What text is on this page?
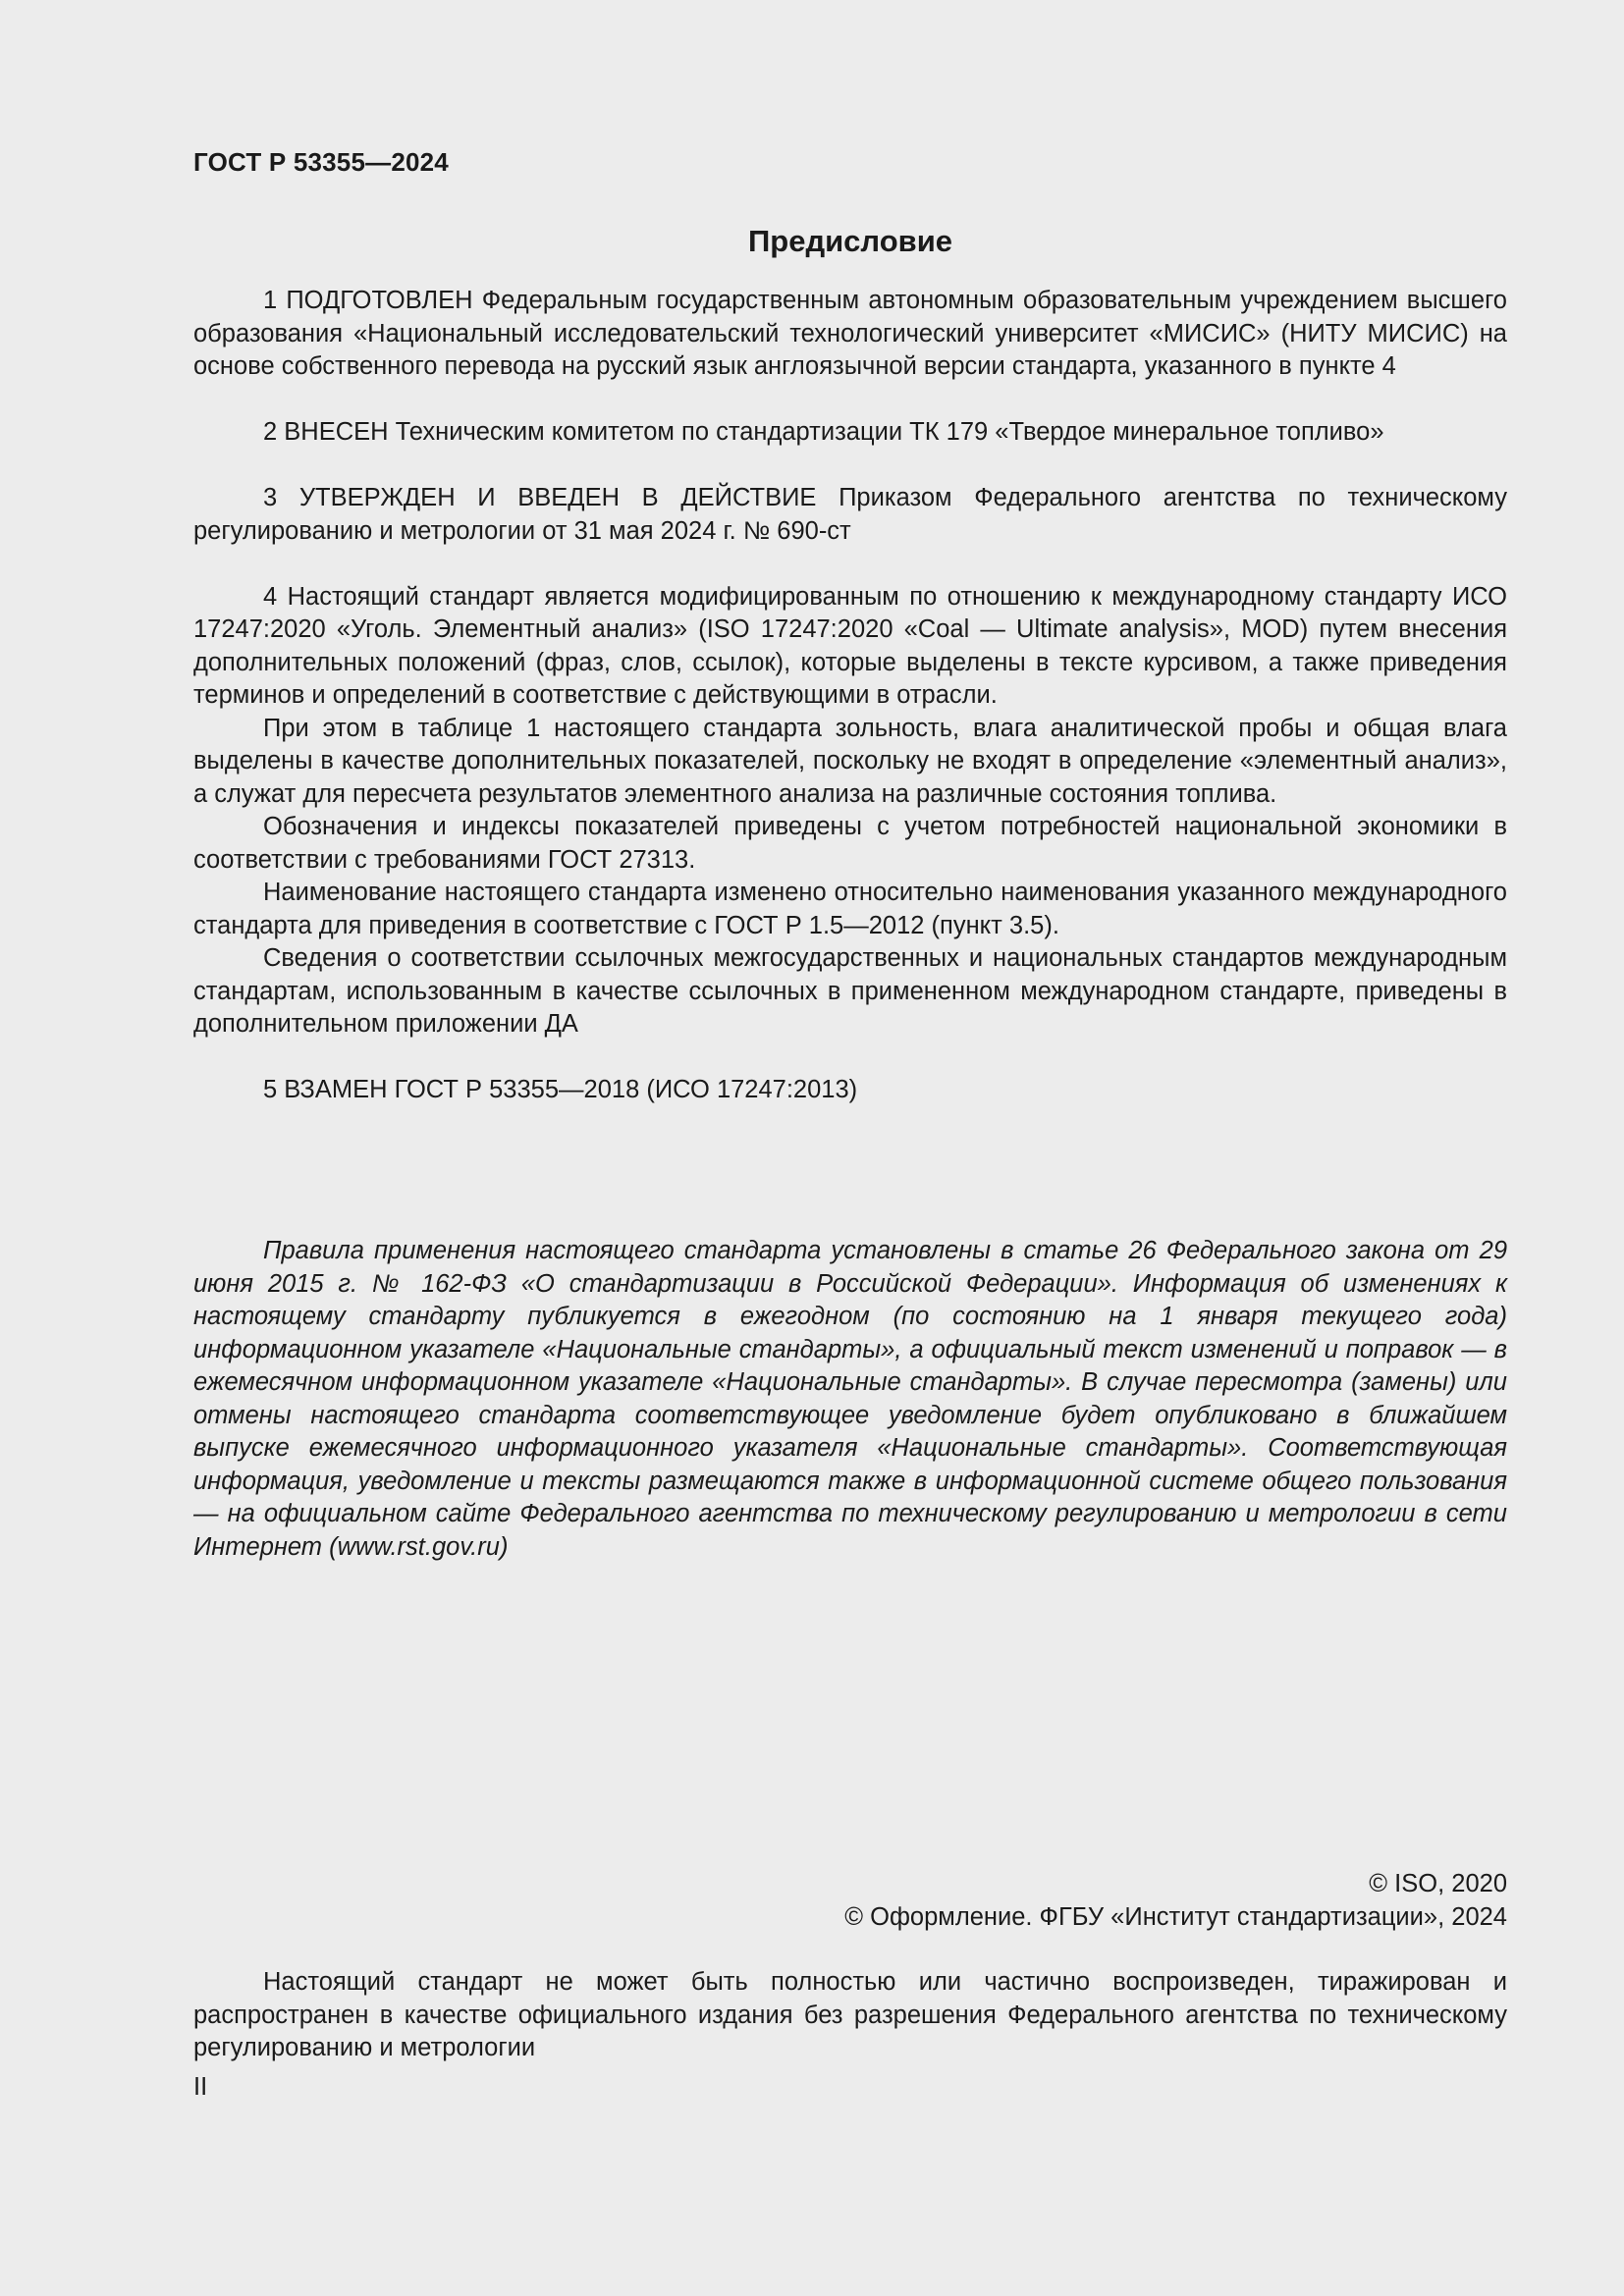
ГОСТ Р 53355—2024
Предисловие

1 ПОДГОТОВЛЕН Федеральным государственным автономным образовательным учреждением высшего образования «Национальный исследовательский технологический университет «МИСИС» (НИТУ МИСИС) на основе собственного перевода на русский язык англоязычной версии стандарта, указанного в пункте 4

2 ВНЕСЕН Техническим комитетом по стандартизации ТК 179 «Твердое минеральное топливо»

3 УТВЕРЖДЕН И ВВЕДЕН В ДЕЙСТВИЕ Приказом Федерального агентства по техническому регулированию и метрологии от 31 мая 2024 г. № 690-ст

4 Настоящий стандарт является модифицированным по отношению к международному стандарту ИСО 17247:2020 «Уголь. Элементный анализ» (ISO 17247:2020 «Coal — Ultimate analysis», MOD) путем внесения дополнительных положений (фраз, слов, ссылок), которые выделены в тексте курсивом, а также приведения терминов и определений в соответствие с действующими в отрасли.

При этом в таблице 1 настоящего стандарта зольность, влага аналитической пробы и общая влага выделены в качестве дополнительных показателей, поскольку не входят в определение «элементный анализ», а служат для пересчета результатов элементного анализа на различные состояния топлива.

Обозначения и индексы показателей приведены с учетом потребностей национальной экономики в соответствии с требованиями ГОСТ 27313.

Наименование настоящего стандарта изменено относительно наименования указанного международного стандарта для приведения в соответствие с ГОСТ Р 1.5—2012 (пункт 3.5).

Сведения о соответствии ссылочных межгосударственных и национальных стандартов международным стандартам, использованным в качестве ссылочных в примененном международном стандарте, приведены в дополнительном приложении ДА

5 ВЗАМЕН ГОСТ Р 53355—2018 (ИСО 17247:2013)

Правила применения настоящего стандарта установлены в статье 26 Федерального закона от 29 июня 2015 г. № 162-ФЗ «О стандартизации в Российской Федерации». Информация об изменениях к настоящему стандарту публикуется в ежегодном (по состоянию на 1 января текущего года) информационном указателе «Национальные стандарты», а официальный текст изменений и поправок — в ежемесячном информационном указателе «Национальные стандарты». В случае пересмотра (замены) или отмены настоящего стандарта соответствующее уведомление будет опубликовано в ближайшем выпуске ежемесячного информационного указателя «Национальные стандарты». Соответствующая информация, уведомление и тексты размещаются также в информационной системе общего пользования — на официальном сайте Федерального агентства по техническому регулированию и метрологии в сети Интернет (www.rst.gov.ru)

© ISO, 2020
© Оформление. ФГБУ «Институт стандартизации», 2024

Настоящий стандарт не может быть полностью или частично воспроизведен, тиражирован и распространен в качестве официального издания без разрешения Федерального агентства по техническому регулированию и метрологии

II
